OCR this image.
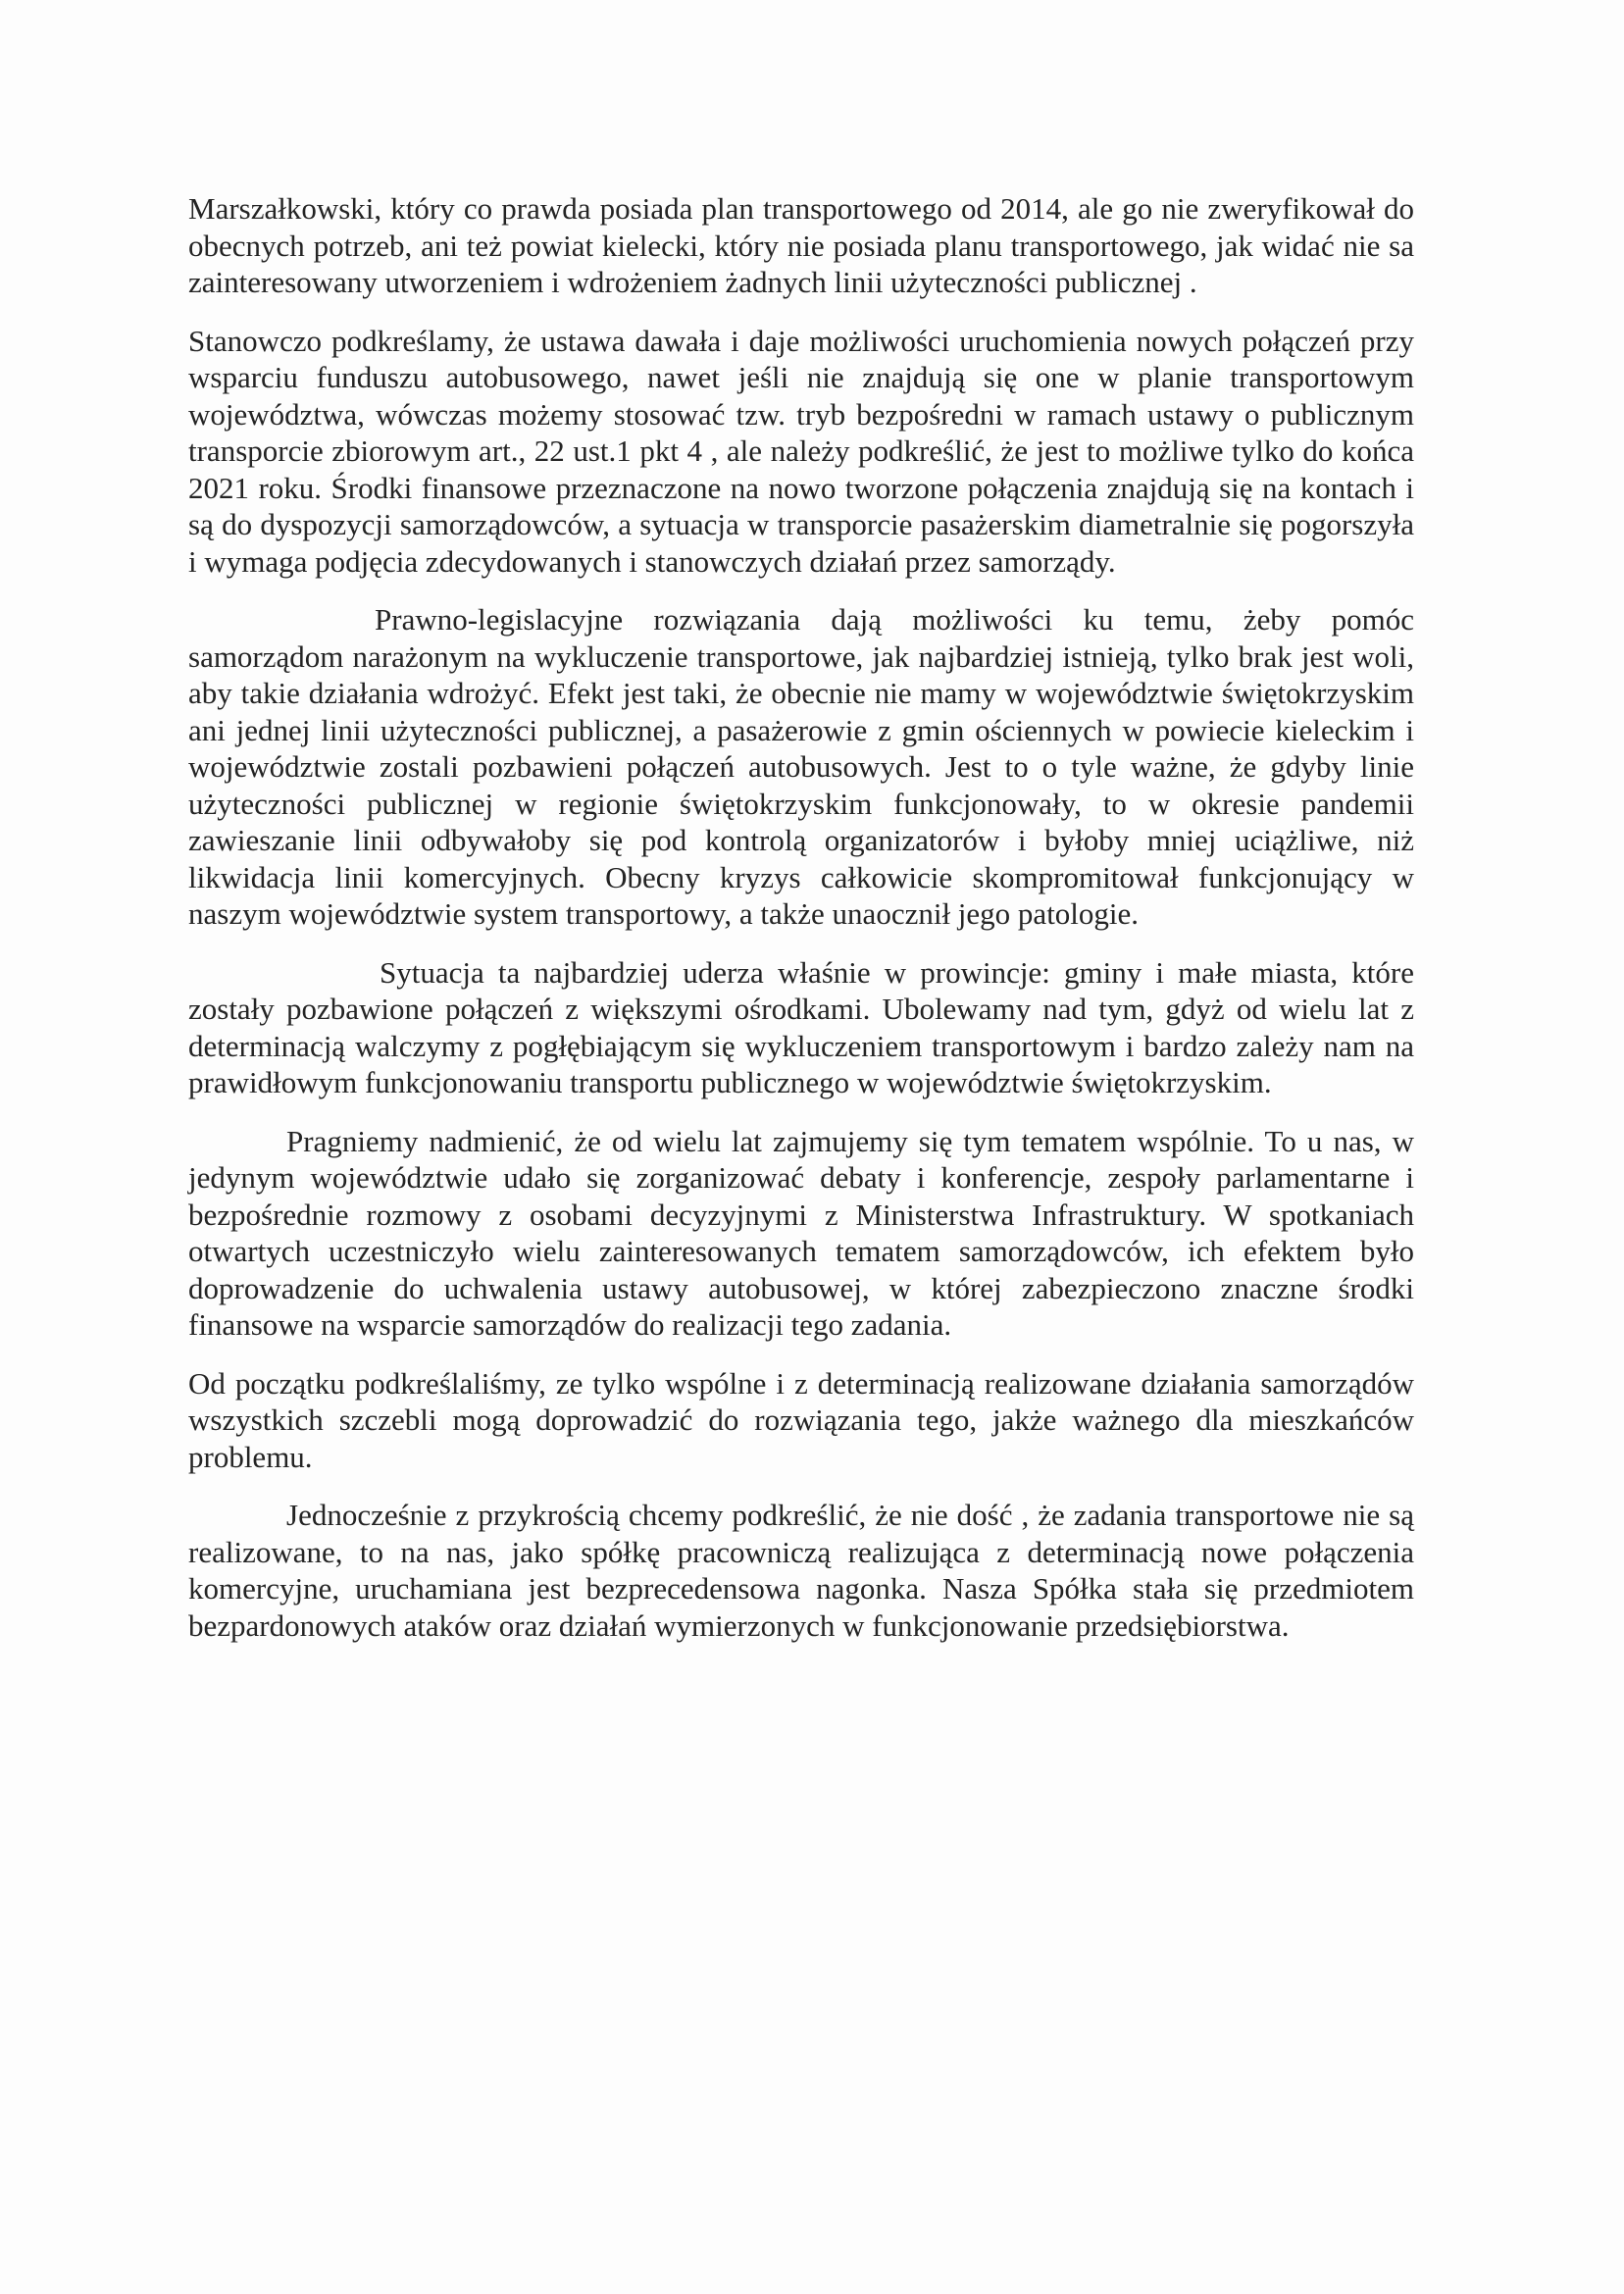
Marszałkowski, który co prawda posiada plan transportowego od 2014, ale go nie zweryfikował do obecnych potrzeb, ani też powiat kielecki, który nie posiada planu transportowego, jak widać nie sa zainteresowany utworzeniem i wdrożeniem żadnych linii użyteczności publicznej .

Stanowczo podkreślamy, że ustawa dawała i daje możliwości uruchomienia nowych połączeń przy wsparciu funduszu autobusowego, nawet jeśli nie znajdują się one w planie transportowym województwa, wówczas możemy stosować tzw. tryb bezpośredni w ramach ustawy o publicznym transporcie zbiorowym art., 22 ust.1 pkt 4 , ale należy podkreślić, że jest to możliwe tylko do końca 2021 roku. Środki finansowe przeznaczone na nowo tworzone połączenia znajdują się na kontach i są do dyspozycji samorządowców, a sytuacja w transporcie pasażerskim diametralnie się pogorszyła i wymaga podjęcia zdecydowanych i stanowczych działań przez samorządy.

Prawno-legislacyjne rozwiązania dają możliwości ku temu, żeby pomóc samorządom narażonym na wykluczenie transportowe, jak najbardziej istnieją, tylko brak jest woli, aby takie działania wdrożyć. Efekt jest taki, że obecnie nie mamy w województwie świętokrzyskim ani jednej linii użyteczności publicznej, a pasażerowie z gmin ościennych w powiecie kieleckim i województwie zostali pozbawieni połączeń autobusowych. Jest to o tyle ważne, że gdyby linie użyteczności publicznej w regionie świętokrzyskim funkcjonowały, to w okresie pandemii zawieszanie linii odbywałoby się pod kontrolą organizatorów i byłoby mniej uciążliwe, niż likwidacja linii komercyjnych. Obecny kryzys całkowicie skompromitował funkcjonujący w naszym województwie system transportowy, a także unaocznił jego patologie.

Sytuacja ta najbardziej uderza właśnie w prowincje: gminy i małe miasta, które zostały pozbawione połączeń z większymi ośrodkami. Ubolewamy nad tym, gdyż od wielu lat z determinacją walczymy z pogłębiającym się wykluczeniem transportowym i bardzo zależy nam na prawidłowym funkcjonowaniu transportu publicznego w województwie świętokrzyskim.

Pragniemy nadmienić, że od wielu lat zajmujemy się tym tematem wspólnie. To u nas, w jedynym województwie udało się zorganizować debaty i konferencje, zespoły parlamentarne i bezpośrednie rozmowy z osobami decyzyjnymi z Ministerstwa Infrastruktury. W spotkaniach otwartych uczestniczyło wielu zainteresowanych tematem samorządowców, ich efektem było doprowadzenie do uchwalenia ustawy autobusowej, w której zabezpieczono znaczne środki finansowe na wsparcie samorządów do realizacji tego zadania.

Od początku podkreślaliśmy, ze tylko wspólne i z determinacją realizowane działania samorządów wszystkich szczebli mogą doprowadzić do rozwiązania tego, jakże ważnego dla mieszkańców problemu.

Jednocześnie z przykrością chcemy podkreślić, że nie dość , że zadania transportowe nie są realizowane, to na nas, jako spółkę pracowniczą realizująca z determinacją nowe połączenia komercyjne, uruchamiana jest bezprecedensowa nagonka. Nasza Spółka stała się przedmiotem bezpardonowych ataków oraz działań wymierzonych w funkcjonowanie przedsiębiorstwa.
